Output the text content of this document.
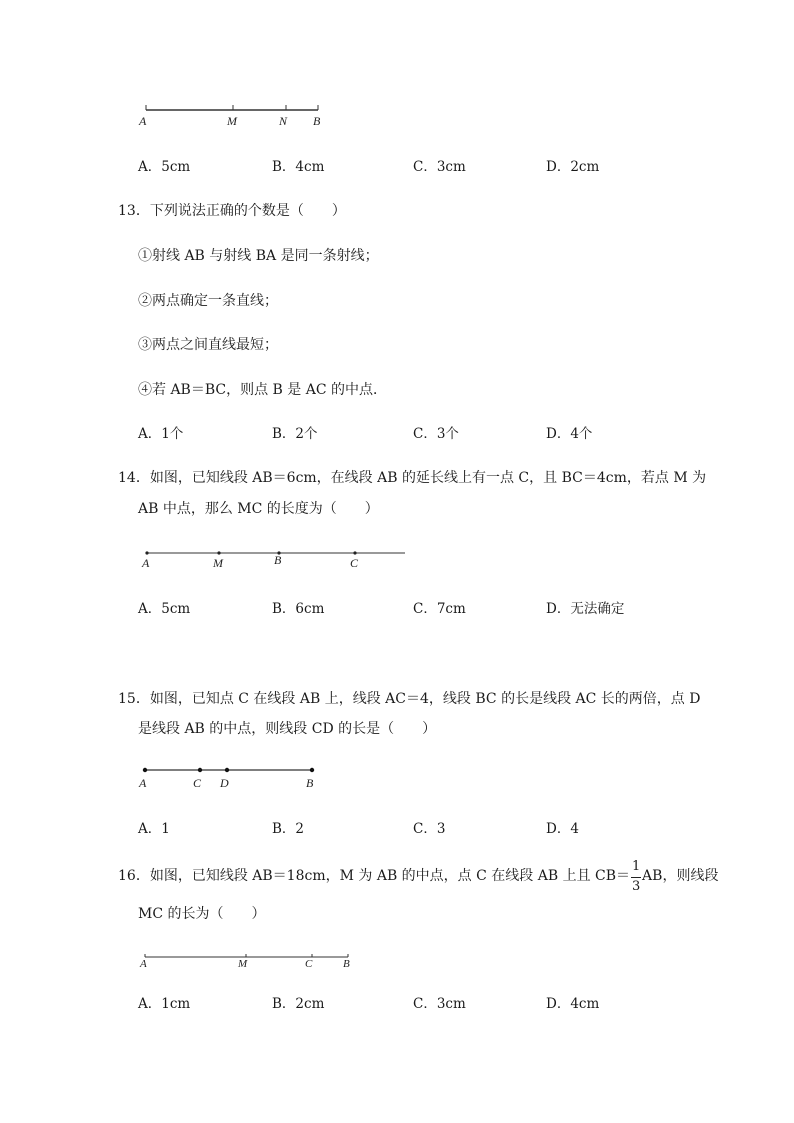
A	M	N B
A．5cm	B．4cm	C．3cm	D．2cm
13．下列说法正确的个数是（　　）
①射线 AB 与射线 BA 是同一条射线；
②两点确定一条直线；
③两点之间直线最短；
④若 AB＝BC，则点 B 是 AC 的中点．
A．1个	B．2个	C．3个	D．4个
14．如图，已知线段 AB＝6cm，在线段 AB 的延长线上有一点 C，且 BC＝4cm，若点 M 为
AB 中点，那么 MC 的长度为（　　）
A	M	B	C
A．5cm	B．6cm	C．7cm	D．无法确定
15．如图，已知点 C 在线段 AB 上，线段 AC＝4，线段 BC 的长是线段 AC 长的两倍，点 D
是线段 AB 的中点，则线段 CD 的长是（　　）
A	C D	B
A．1	B．2	C．3	D．4
16．如图，已知线段 AB＝18cm，M 为 AB 的中点，点 C 在线段 AB 上且 $CB= \frac{1}{3}$ AB，则线段
MC 的长为（　　）
A	M	C	B
A．1cm	B．2cm	C．3cm	D．4cm
